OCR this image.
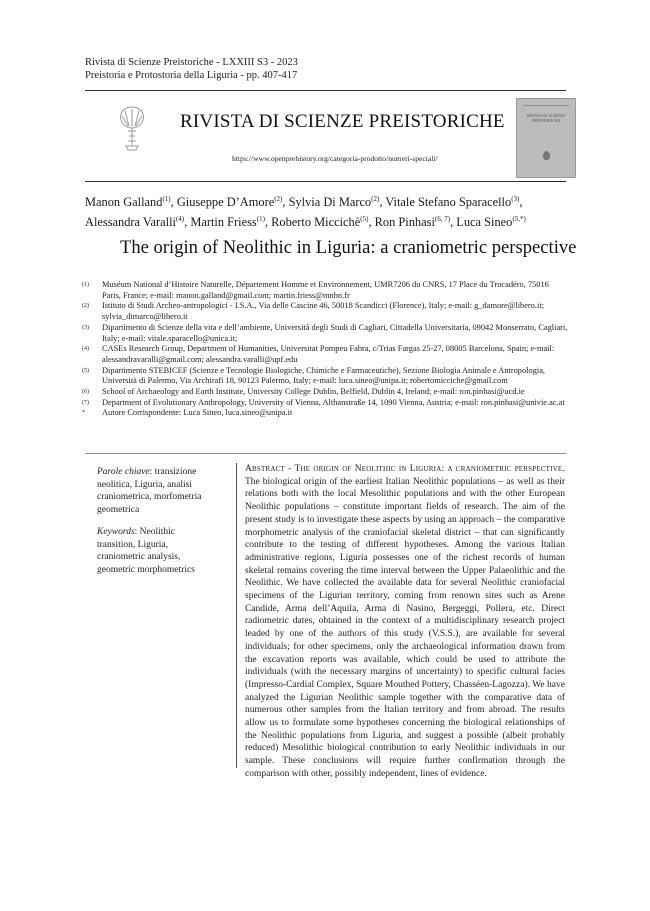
Rivista di Scienze Preistoriche - LXXIII S3 - 2023
Preistoria e Protostoria della Liguria - pp. 407-417
RIVISTA DI SCIENZE PREISTORICHE
https://www.openprehistory.org/categoria-prodotto/numeri-speciali/
RIVISTA DI SCIENZE PREISTORICHE
Manon Galland$^{(1)}$, Giuseppe D’Amore$^{(2)}$, Sylvia Di Marco$^{(2)}$, Vitale Stefano Sparacello$^{(3)}$,
Alessandra Varalli$^{(4)}$, Martin Friess$^{(1)}$, Roberto Miccichè$^{(5)}$, Ron Pinhasi$^{(6, 7)}$, Luca Sineo$^{(5,*)}$
The origin of Neolithic in Liguria: a craniometric perspective
(1) Muséum National d’Histoire Naturelle, Département Homme et Environnement, UMR7206 du CNRS, 17 Place du Trocadéro, 75016 Paris, France; e-mail: manon.galland@gmail.com; martin.friess@mnhn.fr
(2) Istituto di Studi Archeo-antropologici - I.S.A., Via delle Cascine 46, 50018 Scandicci (Florence), Italy; e-mail: g_damore@libero.it; sylvia_dimarco@libero.it
(3) Dipartimento di Scienze della vita e dell’ambiente, Università degli Studi di Cagliari, Cittadella Universitaria, 09042 Monserrato, Cagliari, Italy; e-mail: vitale.sparacello@unica.it;
(4) CASEs Research Group, Department of Humanities, Universitat Pompeu Fabra, c/Trias Fargas 25-27, 08005 Barcelona, Spain; e-mail: alessandravaralli@gmail.com; alessandra.varalli@upf.edu
(5) Dipartimento STEBICEF (Scienze e Tecnologie Biologiche, Chimiche e Farmaceutiche), Sezione Biologia Animale e Antropologia, Università di Palermo, Via Archirafi 18, 90123 Palermo, Italy; e-mail: luca.sineo@unipa.it; robertomicciche@gmail.com
(6) School of Archaeology and Earth Institute, University College Dublin, Belfield, Dublin 4, Ireland; e-mail: ron.pinhasi@ucd.ie
(7) Department of Evolutionary Anthropology, University of Vienna, Althanstraße 14, 1090 Vienna, Austria; e-mail: ron.pinhasi@univie.ac.at
* Autore Corrispondente: Luca Sineo, luca.sineo@unipa.it

Parole chiave: transizione neolitica, Liguria, analisi craniometrica, morfometria geometrica

Keywords: Neolithic transition, Liguria, craniometric analysis, geometric morphometrics

Abstract - The origin of Neolithic in Liguria: a craniometric perspective. The biological origin of the earliest Italian Neolithic populations – as well as their relations both with the local Mesolithic populations and with the other European Neolithic populations – constitute important fields of research. The aim of the present study is to investigate these aspects by using an approach – the comparative morphometric analysis of the craniofacial skeletal district – that can significantly contribute to the testing of different hypotheses. Among the various Italian administrative regions, Liguria possesses one of the richest records of human skeletal remains covering the time interval between the Upper Palaeolithic and the Neolithic. We have collected the available data for several Neolithic craniofacial specimens of the Ligurian territory, coming from renown sites such as Arene Candide, Arma dell’Aquila, Arma di Nasino, Bergeggi, Pollera, etc. Direct radiometric dates, obtained in the context of a multidisciplinary research project leaded by one of the authors of this study (V.S.S.), are available for several individuals; for other specimens, only the archaeological information drawn from the excavation reports was available, which could be used to attribute the individuals (with the necessary margins of uncertainty) to specific cultural facies (Impresso-Cardial Complex, Square Mouthed Pottery, Chasséen-Lagozza). We have analyzed the Ligurian Neolithic sample together with the comparative data of numerous other samples from the Italian territory and from abroad. The results allow us to formulate some hypotheses concerning the biological relationships of the Neolithic populations from Liguria, and suggest a possible (albeit probably reduced) Mesolithic biological contribution to early Neolithic individuals in our sample. These conclusions will require further confirmation through the comparison with other, possibly independent, lines of evidence.
